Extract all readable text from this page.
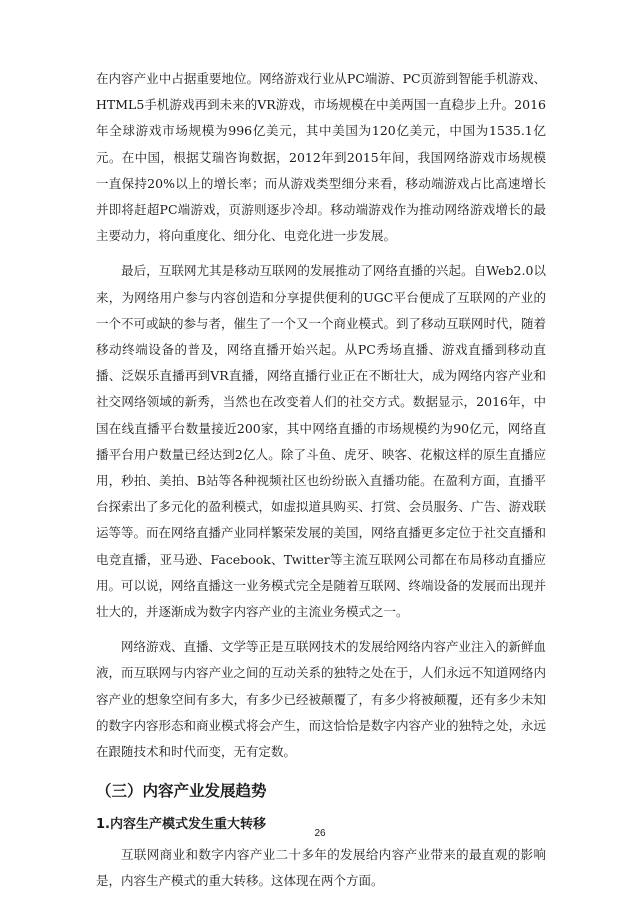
在内容产业中占据重要地位。网络游戏行业从PC端游、PC页游到智能手机游戏、HTML5手机游戏再到未来的VR游戏，市场规模在中美两国一直稳步上升。2016年全球游戏市场规模为996亿美元，其中美国为120亿美元，中国为1535.1亿元。在中国，根据艾瑞咨询数据，2012年到2015年间，我国网络游戏市场规模一直保持20%以上的增长率；而从游戏类型细分来看，移动端游戏占比高速增长并即将赶超PC端游戏，页游则逐步冷却。移动端游戏作为推动网络游戏增长的最主要动力，将向重度化、细分化、电竞化进一步发展。

最后，互联网尤其是移动互联网的发展推动了网络直播的兴起。自Web2.0以来，为网络用户参与内容创造和分享提供便利的UGC平台便成了互联网的产业的一个不可或缺的参与者，催生了一个又一个商业模式。到了移动互联网时代，随着移动终端设备的普及，网络直播开始兴起。从PC秀场直播、游戏直播到移动直播、泛娱乐直播再到VR直播，网络直播行业正在不断壮大，成为网络内容产业和社交网络领域的新秀，当然也在改变着人们的社交方式。数据显示，2016年，中国在线直播平台数量接近200家，其中网络直播的市场规模约为90亿元，网络直播平台用户数量已经达到2亿人。除了斗鱼、虎牙、映客、花椒这样的原生直播应用，秒拍、美拍、B站等各种视频社区也纷纷嵌入直播功能。在盈利方面，直播平台探索出了多元化的盈利模式，如虚拟道具购买、打赏、会员服务、广告、游戏联运等等。而在网络直播产业同样繁荣发展的美国，网络直播更多定位于社交直播和电竞直播，亚马逊、Facebook、Twitter等主流互联网公司都在布局移动直播应用。可以说，网络直播这一业务模式完全是随着互联网、终端设备的发展而出现并壮大的，并逐渐成为数字内容产业的主流业务模式之一。

网络游戏、直播、文学等正是互联网技术的发展给网络内容产业注入的新鲜血液，而互联网与内容产业之间的互动关系的独特之处在于，人们永远不知道网络内容产业的想象空间有多大，有多少已经被颠覆了，有多少将被颠覆，还有多少未知的数字内容形态和商业模式将会产生，而这恰恰是数字内容产业的独特之处，永远在跟随技术和时代而变，无有定数。

（三）内容产业发展趋势
1.内容生产模式发生重大转移

互联网商业和数字内容产业二十多年的发展给内容产业带来的最直观的影响是，内容生产模式的重大转移。这体现在两个方面。

26
